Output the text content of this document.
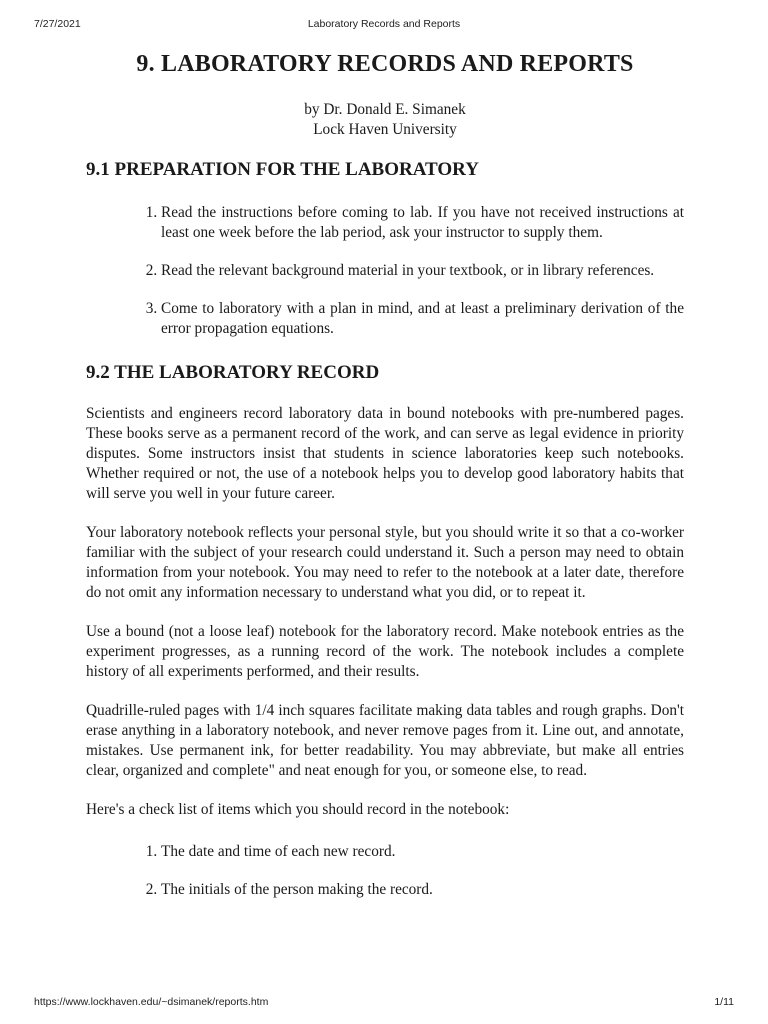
7/27/2021	Laboratory Records and Reports
9. LABORATORY RECORDS AND REPORTS
by Dr. Donald E. Simanek
Lock Haven University
9.1 PREPARATION FOR THE LABORATORY
1. Read the instructions before coming to lab. If you have not received instructions at least one week before the lab period, ask your instructor to supply them.
2. Read the relevant background material in your textbook, or in library references.
3. Come to laboratory with a plan in mind, and at least a preliminary derivation of the error propagation equations.
9.2 THE LABORATORY RECORD

Scientists and engineers record laboratory data in bound notebooks with pre-numbered pages. These books serve as a permanent record of the work, and can serve as legal evidence in priority disputes. Some instructors insist that students in science laboratories keep such notebooks. Whether required or not, the use of a notebook helps you to develop good laboratory habits that will serve you well in your future career.

Your laboratory notebook reflects your personal style, but you should write it so that a co-worker familiar with the subject of your research could understand it. Such a person may need to obtain information from your notebook. You may need to refer to the notebook at a later date, therefore do not omit any information necessary to understand what you did, or to repeat it.

Use a bound (not a loose leaf) notebook for the laboratory record. Make notebook entries as the experiment progresses, as a running record of the work. The notebook includes a complete history of all experiments performed, and their results.

Quadrille-ruled pages with 1/4 inch squares facilitate making data tables and rough graphs. Don't erase anything in a laboratory notebook, and never remove pages from it. Line out, and annotate, mistakes. Use permanent ink, for better readability. You may abbreviate, but make all entries clear, organized and complete" and neat enough for you, or someone else, to read.

Here's a check list of items which you should record in the notebook:

1. The date and time of each new record.
2. The initials of the person making the record.
https://www.lockhaven.edu/~dsimanek/reports.htm	1/11
